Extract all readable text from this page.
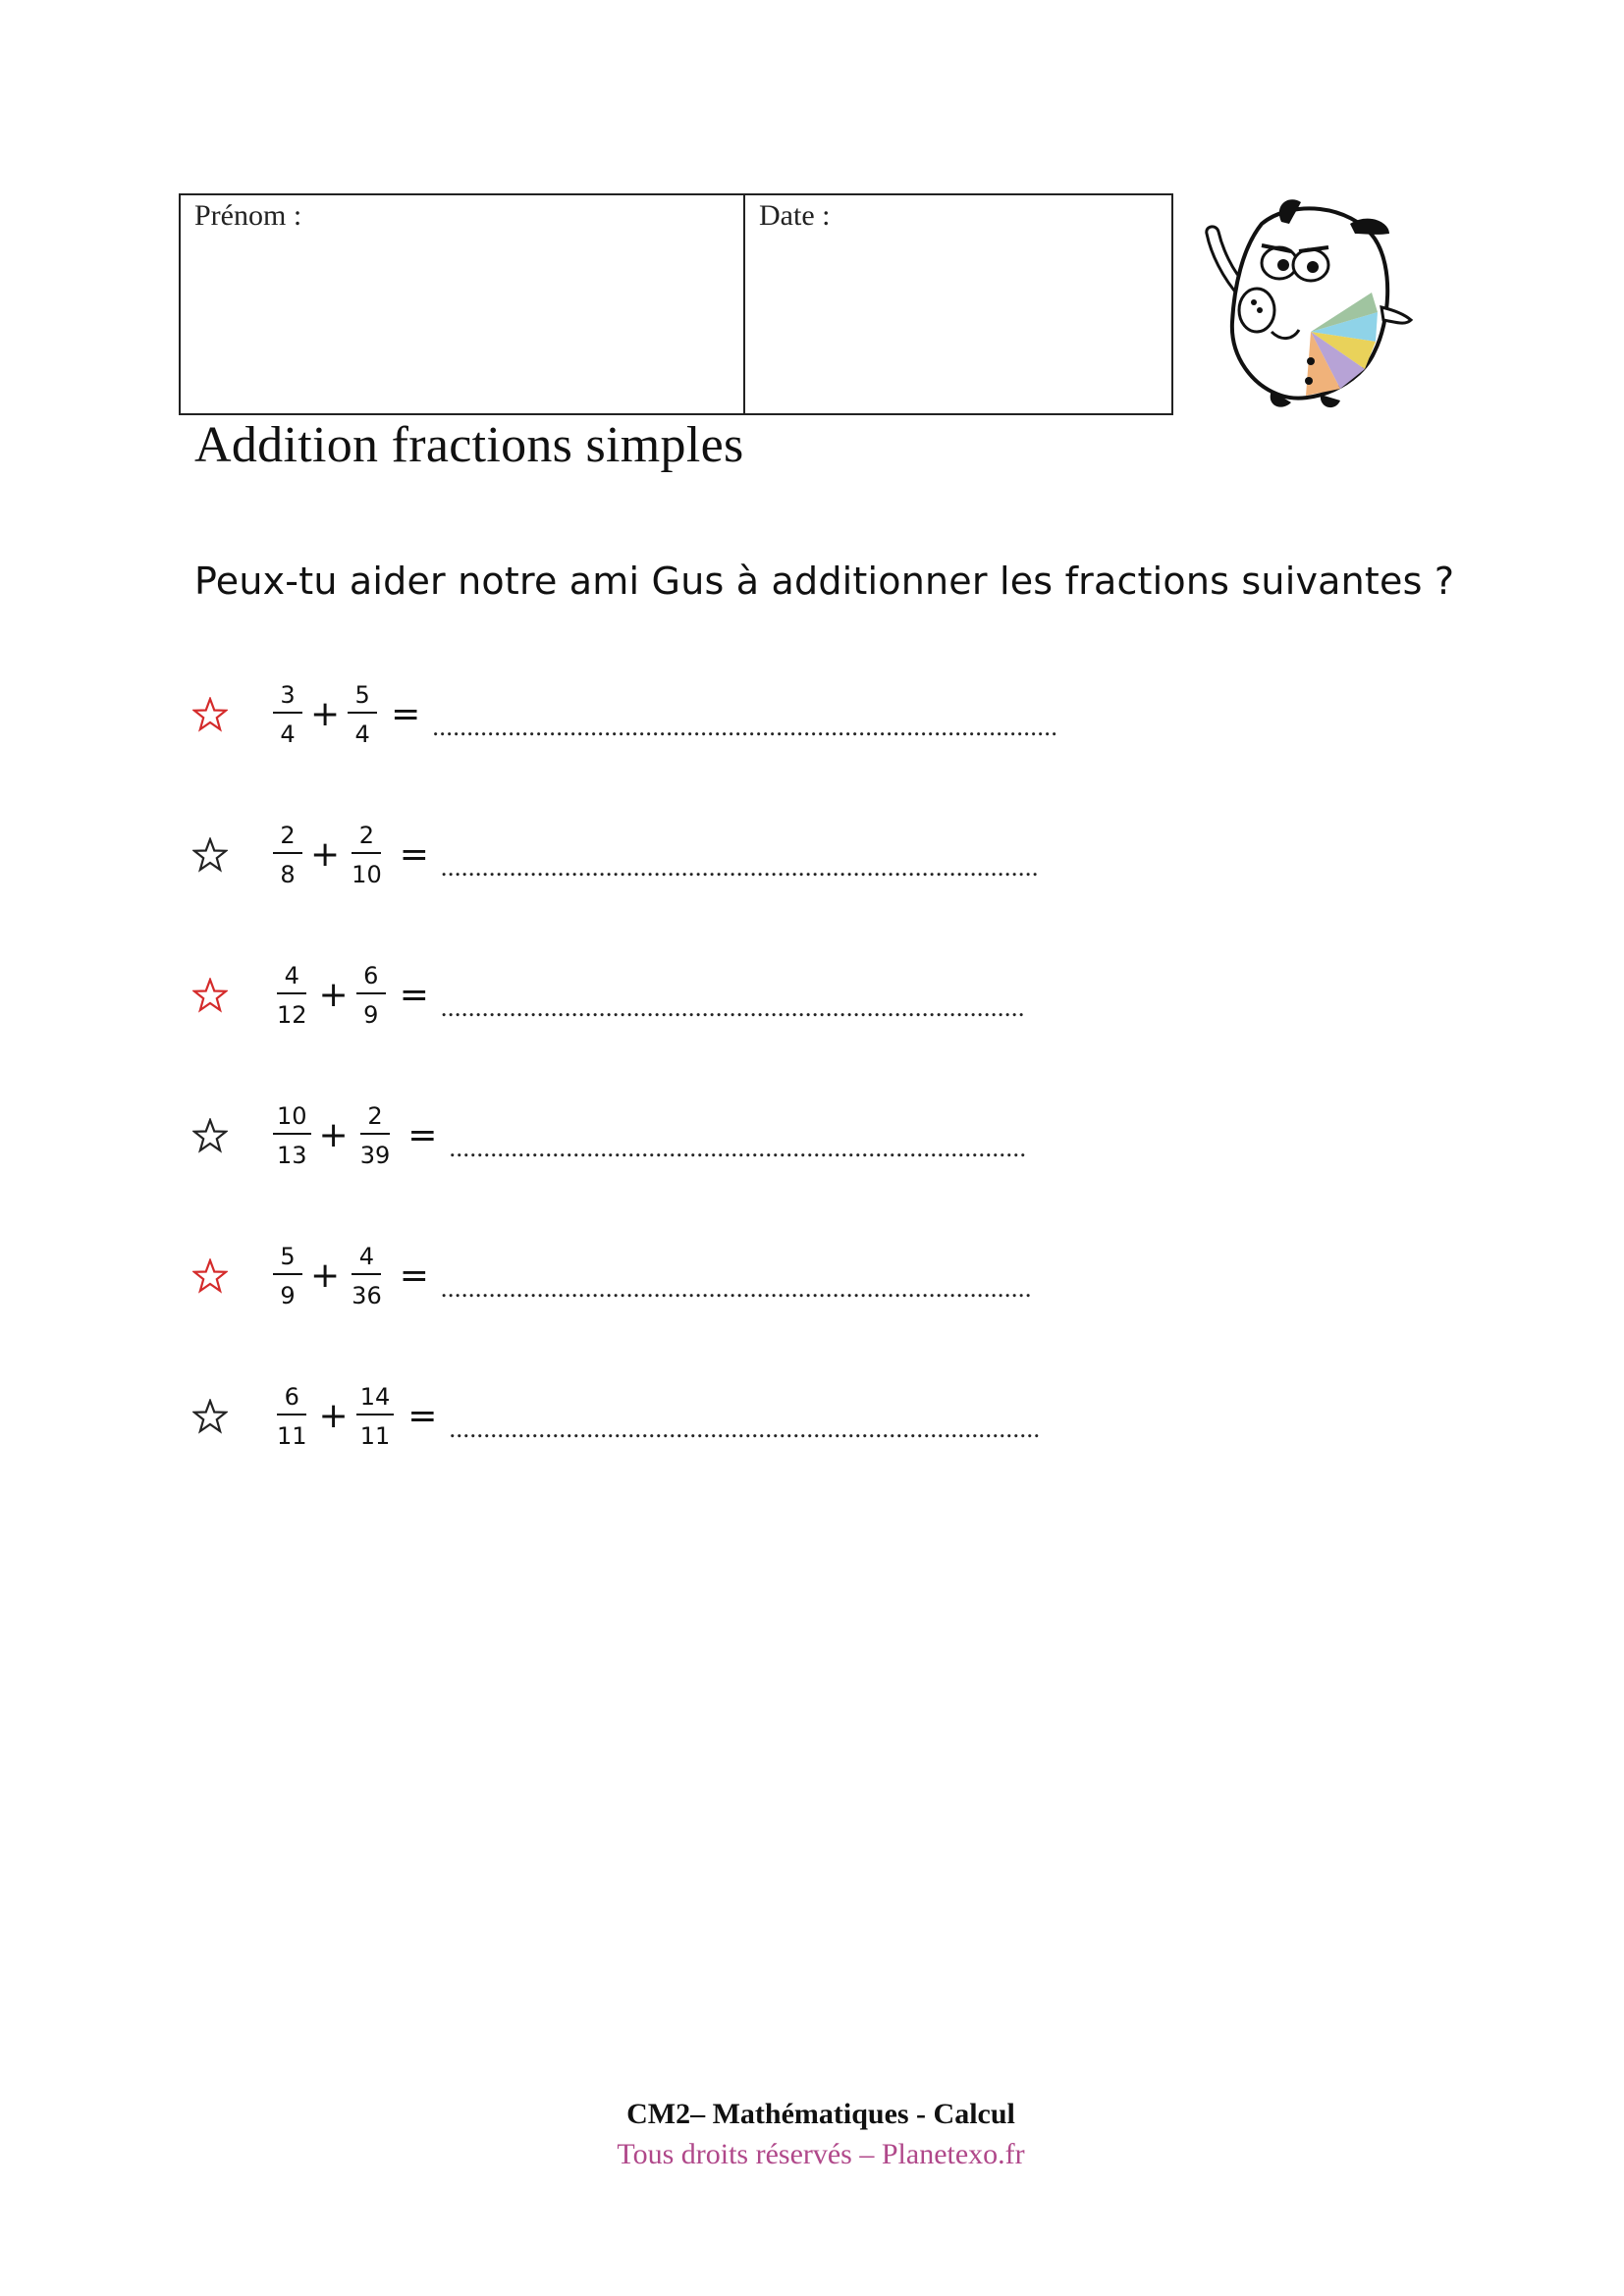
Prénom :	Date :
Addition fractions simples
Peux-tu aider notre ami Gus à additionner les fractions suivantes ?
$\frac{3}{4} + \frac{5}{4}$ = ...........................................................................................
$\frac{2}{8} + \frac{2}{10}$ = .......................................................................................
$\frac{4}{12} + \frac{6}{9}$ = .....................................................................................
$\frac{10}{13} + \frac{2}{39}$ = ....................................................................................
$\frac{5}{9} + \frac{4}{36}$ = ......................................................................................
$\frac{6}{11} + \frac{14}{11}$ = ......................................................................................
CM2– Mathématiques - Calcul
Tous droits réservés – Planetexo.fr
